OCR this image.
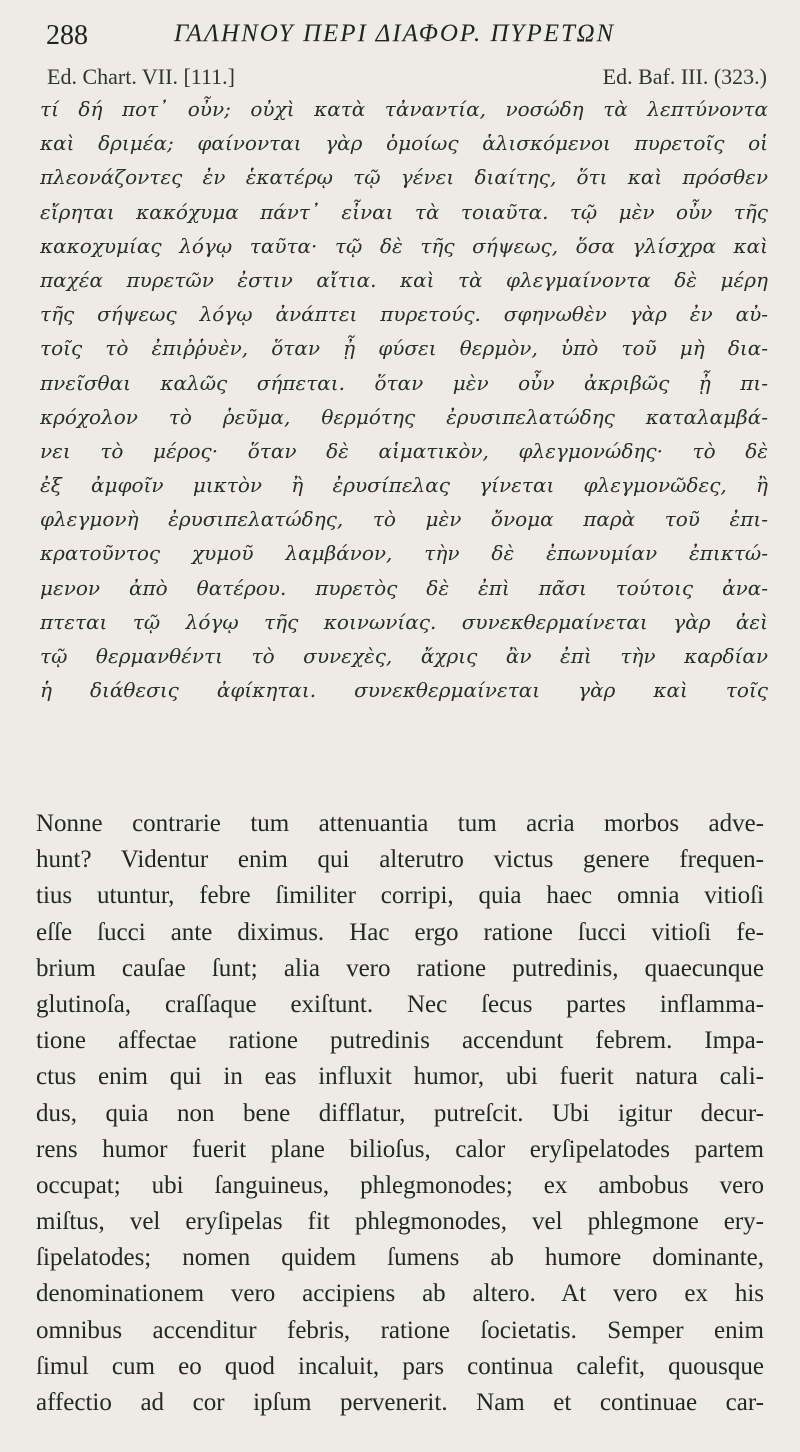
288	ΓΑΛΗΝΟΥ ΠΕΡΙ ΔΙΑΦΟΡ. ΠΥΡΕΤΩΝ
Ed. Chart. VII. [111.]	Ed. Baf. III. (323.)
τί δή ποτ᾽ οὖν; οὐχὶ κατὰ τἀναντία, νοσώδη τὰ λεπτύνοντα
καὶ δριμέα; φαίνονται γὰρ ὁμοίως ἁλισκόμενοι πυρετοῖς οἱ
πλεονάζοντες ἐν ἑκατέρῳ τῷ γένει διαίτης, ὅτι καὶ πρόσθεν
εἴρηται κακόχυμα πάντ᾽ εἶναι τὰ τοιαῦτα. τῷ μὲν οὖν τῆς
κακοχυμίας λόγῳ ταῦτα· τῷ δὲ τῆς σήψεως, ὅσα γλίσχρα καὶ
παχέα πυρετῶν ἐστιν αἴτια. καὶ τὰ φλεγμαίνοντα δὲ μέρη
τῆς σήψεως λόγῳ ἀνάπτει πυρετούς. σφηνωθὲν γὰρ ἐν αὐ-
τοῖς τὸ ἐπιῤῥυὲν, ὅταν ᾖ φύσει θερμὸν, ὑπὸ τοῦ μὴ δια-
πνεῖσθαι καλῶς σήπεται. ὅταν μὲν οὖν ἀκριβῶς ᾖ πι-
κρόχολον τὸ ῥεῦμα, θερμότης ἐρυσιπελατώδης καταλαμβά-
νει τὸ μέρος· ὅταν δὲ αἱματικὸν, φλεγμονώδης· τὸ δὲ
ἐξ ἀμφοῖν μικτὸν ἢ ἐρυσίπελας γίνεται φλεγμονῶδες, ἢ
φλεγμονὴ ἐρυσιπελατώδης, τὸ μὲν ὄνομα παρὰ τοῦ ἐπι-
κρατοῦντος χυμοῦ λαμβάνον, τὴν δὲ ἐπωνυμίαν ἐπικτώ-
μενον ἀπὸ θατέρου. πυρετὸς δὲ ἐπὶ πᾶσι τούτοις ἀνα-
πτεται τῷ λόγῳ τῆς κοινωνίας. συνεκθερμαίνεται γὰρ ἀεὶ
τῷ θερμανθέντι τὸ συνεχὲς, ἄχρις ἂν ἐπὶ τὴν καρδίαν
ἡ διάθεσις ἀφίκηται. συνεκθερμαίνεται γὰρ καὶ τοῖς
Nonne contrarie tum attenuantia tum acria morbos adve-
hunt? Videntur enim qui alterutro victus genere frequen-
tius utuntur, febre ſimiliter corripi, quia haec omnia vitioſi
eſſe ſucci ante diximus. Hac ergo ratione ſucci vitioſi fe-
brium cauſae ſunt; alia vero ratione putredinis, quaecunque
glutinoſa, craſſaque exiſtunt. Nec ſecus partes inflamma-
tione affectae ratione putredinis accendunt febrem. Impa-
ctus enim qui in eas influxit humor, ubi fuerit natura cali-
dus, quia non bene difflatur, putreſcit. Ubi igitur decur-
rens humor fuerit plane bilioſus, calor eryſipelatodes partem
occupat; ubi ſanguineus, phlegmonodes; ex ambobus vero
miſtus, vel eryſipelas fit phlegmonodes, vel phlegmone ery-
ſipelatodes; nomen quidem ſumens ab humore dominante,
denominationem vero accipiens ab altero. At vero ex his
omnibus accenditur febris, ratione ſocietatis. Semper enim
ſimul cum eo quod incaluit, pars continua calefit, quousque
affectio ad cor ipſum pervenerit. Nam et continuae car-
